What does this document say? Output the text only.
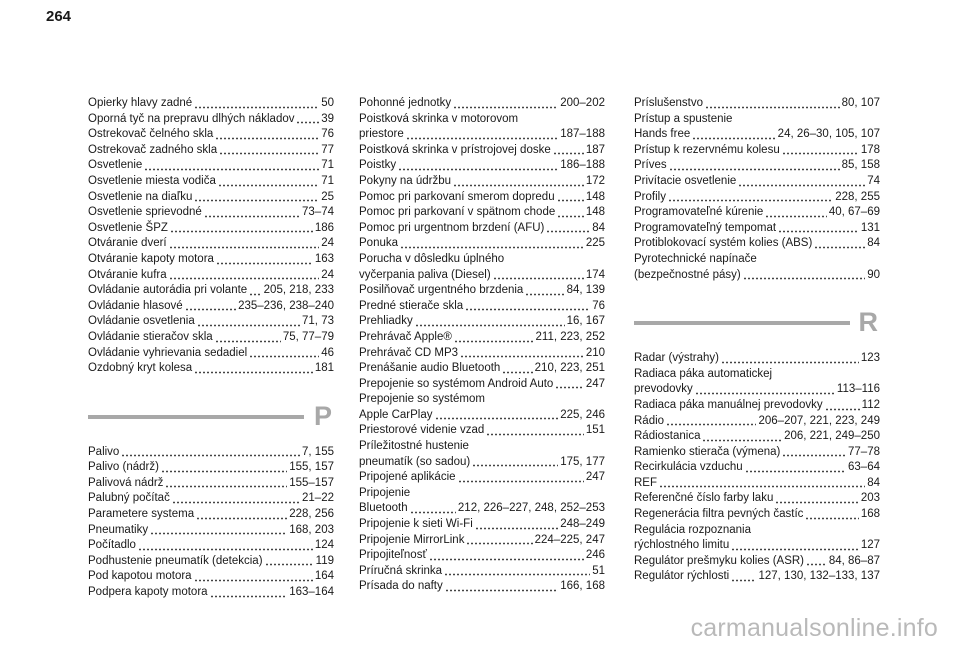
264
Opierky hlavy zadné	50
Oporná tyč na prepravu dlhých nákladov 39
Ostrekovač čelného skla	76
Ostrekovač zadného skla	77
Osvetlenie	71
Osvetlenie miesta vodiča	71
Osvetlenie na diaľku	25
Osvetlenie sprievodné	73–74
Osvetlenie ŠPZ	186
Otváranie dverí	24
Otváranie kapoty motora	163
Otváranie kufra	24
Ovládanie autorádia pri volante 205, 218, 233
Ovládanie hlasové	235–236, 238–240
Ovládanie osvetlenia	71, 73
Ovládanie stieračov skla	75, 77–79
Ovládanie vyhrievania sedadiel	46
Ozdobný kryt kolesa	181
P
Palivo	7, 155
Palivo (nádrž)	155, 157
Palivová nádrž	155–157
Palubný počítač	21–22
Parametere systema	228, 256
Pneumatiky	168, 203
Počítadlo	124
Podhustenie pneumatík (detekcia)	119
Pod kapotou motora	164
Podpera kapoty motora	163–164
Pohonné jednotky	200–202
Poistková skrinka v motorovom
priestore	187–188
Poistková skrinka v prístrojovej doske	187
Poistky	186–188
Pokyny na údržbu	172
Pomoc pri parkovaní smerom dopredu	148
Pomoc pri parkovaní v spätnom chode	148
Pomoc pri urgentnom brzdení (AFU)	84
Ponuka	225
Porucha v dôsledku úplného
vyčerpania paliva (Diesel)	174
Posilňovač urgentného brzdenia	84, 139
Predné stierače skla	76
Prehliadky	16, 167
Prehrávač Apple®	211, 223, 252
Prehrávač CD MP3	210
Prenášanie audio Bluetooth	210, 223, 251
Prepojenie so systémom Android Auto	247
Prepojenie so systémom
Apple CarPlay	225, 246
Priestorové videnie vzad	151
Príležitostné hustenie
pneumatík (so sadou)	175, 177
Pripojené aplikácie	247
Pripojenie
Bluetooth	212, 226–227, 248, 252–253
Pripojenie k sieti Wi-Fi	248–249
Pripojenie MirrorLink	224–225, 247
Pripojiteľnosť	246
Príručná skrinka	51
Prísada do nafty	166, 168
Príslušenstvo	80, 107
Prístup a spustenie
Hands free	24, 26–30, 105, 107
Prístup k rezervnému kolesu	178
Príves	85, 158
Privítacie osvetlenie	74
Profily	228, 255
Programovateľné kúrenie	40, 67–69
Programovateľný tempomat	131
Protiblokovací systém kolies (ABS)	84
Pyrotechnické napínače
(bezpečnostné pásy)	90
R
Radar (výstrahy)	123
Radiaca páka automatickej
prevodovky	113–116
Radiaca páka manuálnej prevodovky	112
Rádio	206–207, 221, 223, 249
Rádiostanica	206, 221, 249–250
Ramienko stierača (výmena)	77–78
Recirkulácia vzduchu	63–64
REF	84
Referenčné číslo farby laku	203
Regenerácia filtra pevných častíc	168
Regulácia rozpoznania
rýchlostného limitu	127
Regulátor prešmyku kolies (ASR) 84, 86–87
Regulátor rýchlosti	127, 130, 132–133, 137
carmanualsonline.info
